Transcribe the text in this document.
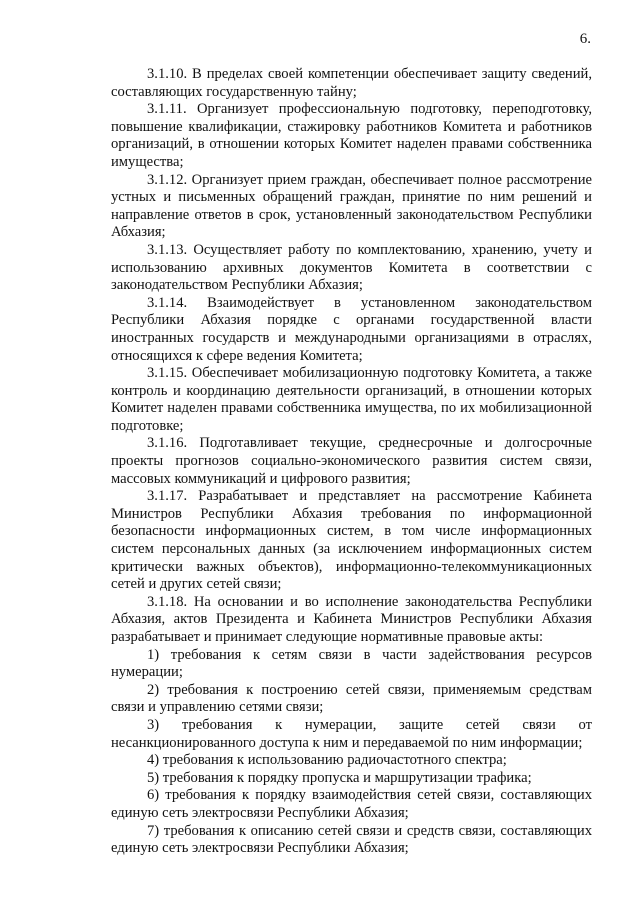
6.

3.1.10. В пределах своей компетенции обеспечивает защиту сведений, составляющих государственную тайну;

3.1.11. Организует профессиональную подготовку, переподготовку, повышение квалификации, стажировку работников Комитета и работников организаций, в отношении которых Комитет наделен правами собственника имущества;

3.1.12. Организует прием граждан, обеспечивает полное рассмотрение устных и письменных обращений граждан, принятие по ним решений и направление ответов в срок, установленный законодательством Республики Абхазия;

3.1.13. Осуществляет работу по комплектованию, хранению, учету и использованию архивных документов Комитета в соответствии с законодательством Республики Абхазия;

3.1.14. Взаимодействует в установленном законодательством Республики Абхазия порядке с органами государственной власти иностранных государств и международными организациями в отраслях, относящихся к сфере ведения Комитета;

3.1.15. Обеспечивает мобилизационную подготовку Комитета, а также контроль и координацию деятельности организаций, в отношении которых Комитет наделен правами собственника имущества, по их мобилизационной подготовке;

3.1.16. Подготавливает текущие, среднесрочные и долгосрочные проекты прогнозов социально-экономического развития систем связи, массовых коммуникаций и цифрового развития;

3.1.17. Разрабатывает и представляет на рассмотрение Кабинета Министров Республики Абхазия требования по информационной безопасности информационных систем, в том числе информационных систем персональных данных (за исключением информационных систем критически важных объектов), информационно-телекоммуникационных сетей и других сетей связи;

3.1.18. На основании и во исполнение законодательства Республики Абхазия, актов Президента и Кабинета Министров Республики Абхазия разрабатывает и принимает следующие нормативные правовые акты:

1) требования к сетям связи в части задействования ресурсов нумерации;

2) требования к построению сетей связи, применяемым средствам связи и управлению сетями связи;

3) требования к нумерации, защите сетей связи от несанкционированного доступа к ним и передаваемой по ним информации;

4) требования к использованию радиочастотного спектра;

5) требования к порядку пропуска и маршрутизации трафика;

6) требования к порядку взаимодействия сетей связи, составляющих единую сеть электросвязи Республики Абхазия;

7) требования к описанию сетей связи и средств связи, составляющих единую сеть электросвязи Республики Абхазия;
